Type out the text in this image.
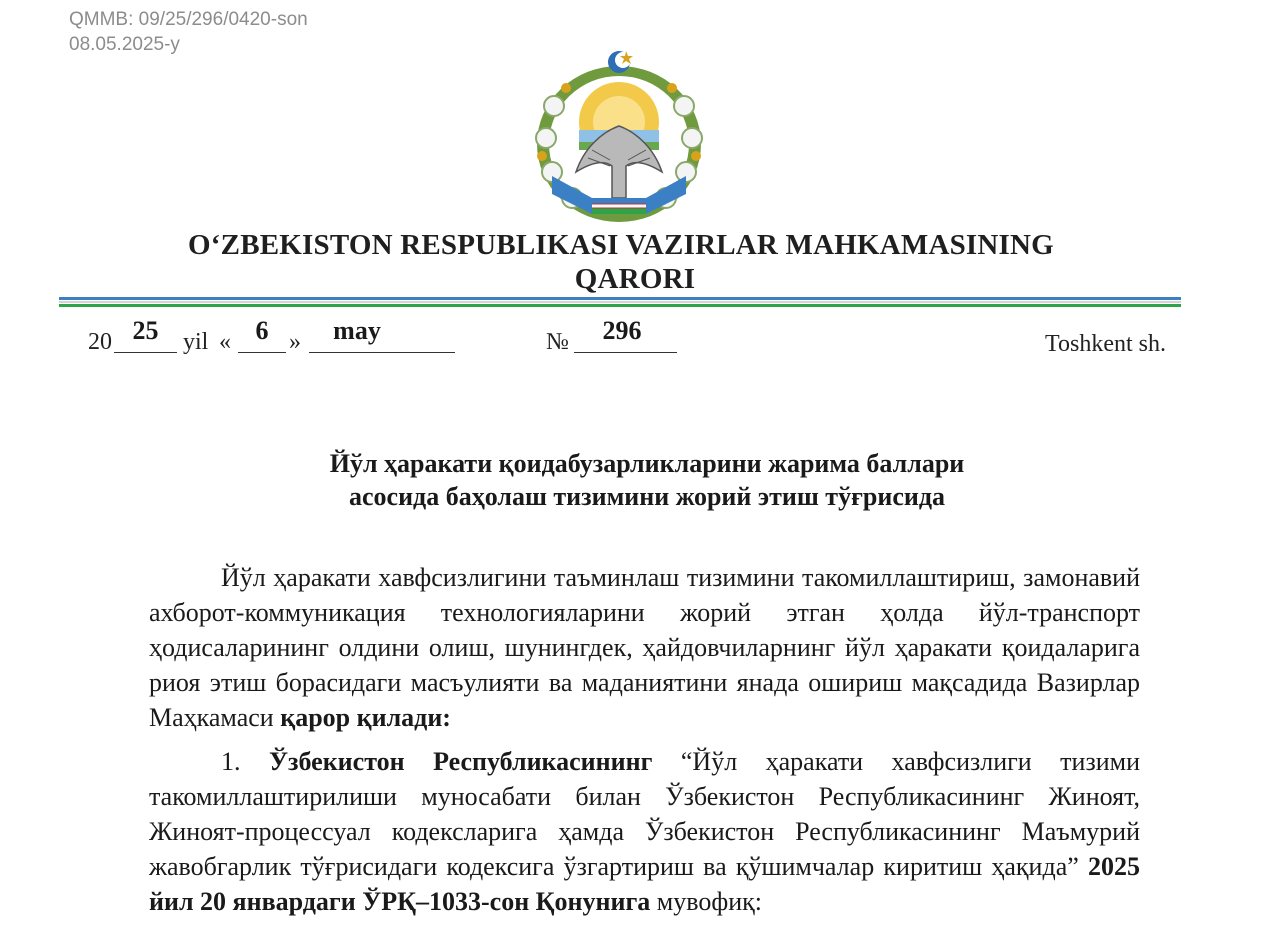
QMMB: 09/25/296/0420-son
08.05.2025-y
O‘ZBEKISTON RESPUBLIKASI VAZIRLAR MAHKAMASINING
QARORI
20 25	yil « 6 »	may	№	296	Toshkent sh.
Йўл ҳаракати қоидабузарликларини жарима баллари
асосида баҳолаш тизимини жорий этиш тўғрисида
Йўл ҳаракати хавфсизлигини таъминлаш тизимини такомиллаштириш, замонавий ахборот-коммуникация технологияларини жорий этган ҳолда йўл-транспорт ҳодисаларининг олдини олиш, шунингдек, ҳайдовчиларнинг йўл ҳаракати қоидаларига риоя этиш борасидаги масъулияти ва маданиятини янада ошириш мақсадида Вазирлар Маҳкамаси қарор қилади:
1. Ўзбекистон Республикасининг “Йўл ҳаракати хавфсизлиги тизими такомиллаштирилиши муносабати билан Ўзбекистон Республикасининг Жиноят, Жиноят-процессуал кодексларига ҳамда Ўзбекистон Республикасининг Маъмурий жавобгарлик тўғрисидаги кодексига ўзгартириш ва қўшимчалар киритиш ҳақида” 2025 йил 20 январдаги ЎРҚ–1033-сон Қонунига мувофиқ:
